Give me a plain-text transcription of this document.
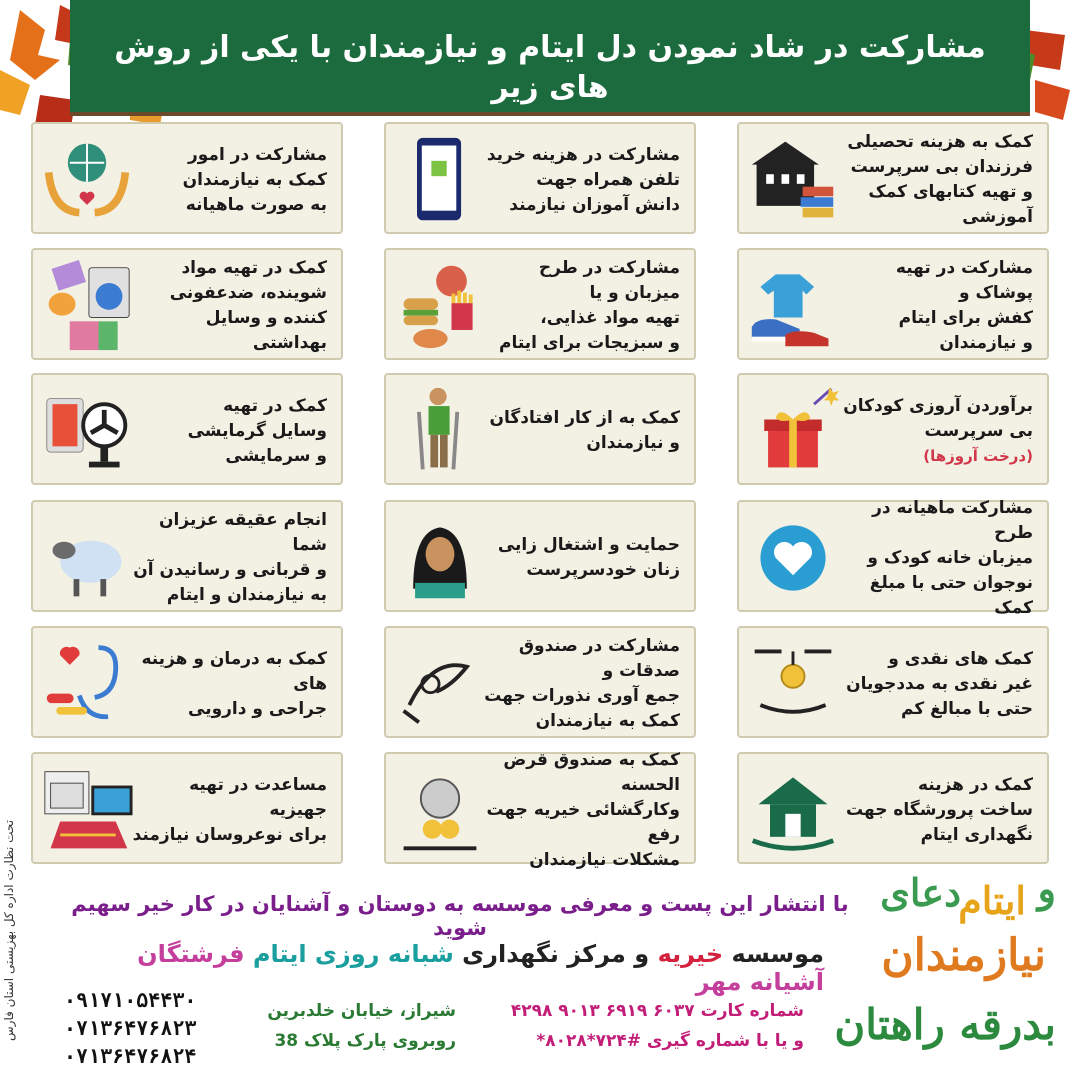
مشارکت در شاد نمودن دل ایتام و نیازمندان با یکی از روش های زیر
کمک به هزینه تحصیلی
فرزندان بی سرپرست
و تهیه کتابهای کمک آموزشی
مشارکت در هزینه خرید
تلفن همراه جهت
دانش آموزان نیازمند
مشارکت در امور
کمک به نیازمندان
به صورت ماهیانه
مشارکت در تهیه پوشاک و
کفش برای ایتام
و نیازمندان
مشارکت در طرح میزبان و یا
تهیه مواد غذایی،
و سبزیجات برای ایتام
کمک در تهیه مواد
شوینده، ضدعفونی
کننده و وسایل بهداشتی
برآوردن آروزی کودکان
بی سرپرست
(درخت آروزها)
کمک به از کار افتادگان
و نیازمندان
کمک در تهیه
وسایل گرمایشی
و سرمایشی
مشارکت ماهیانه در طرح
میزبان خانه کودک و
نوجوان حتی با مبلغ کمک
حمایت و اشتغال زایی
زنان خودسرپرست
انجام عقیقه عزیزان شما
و قربانی و رسانیدن آن
به نیازمندان و ایتام
کمک های نقدی و
غیر نقدی به مددجویان
حتی با مبالغ کم
مشارکت در صندوق صدقات و
جمع آوری نذورات جهت
کمک به نیازمندان
کمک به درمان و هزینه های
جراحی و دارویی
کمک در هزینه
ساخت پرورشگاه جهت
نگهداری ایتام
کمک به صندوق قرض الحسنه
وکارگشائی خیریه جهت رفع
مشکلات نیازمندان
مساعدت در تهیه جهیزیه
برای نوعروسان نیازمند
تحت نظارت اداره کل بهزیستی استان فارس	با انتشار این پست و معرفی موسسه به دوستان و آشنایان در کار خیر سهیم شوید
موسسه خیریه و مرکز نگهداری شبانه روزی ایتام فرشتگان آشیانه مهر
۰۹۱۷۱۰۵۴۴۳۰
۰۷۱۳۶۴۷۶۸۲۳
۰۷۱۳۶۴۷۶۸۲۴
شماره کارت ۶۰۳۷ ۶۹۱۹ ۹۰۱۳ ۴۲۹۸
و یا با شماره گیری #۷۲۴*۸۰۲۸*
شیراز، خیابان خلدبرین
روبروی پارک پلاک 38
دعای
ایتام و
نیازمندان
بدرقه راهتان
